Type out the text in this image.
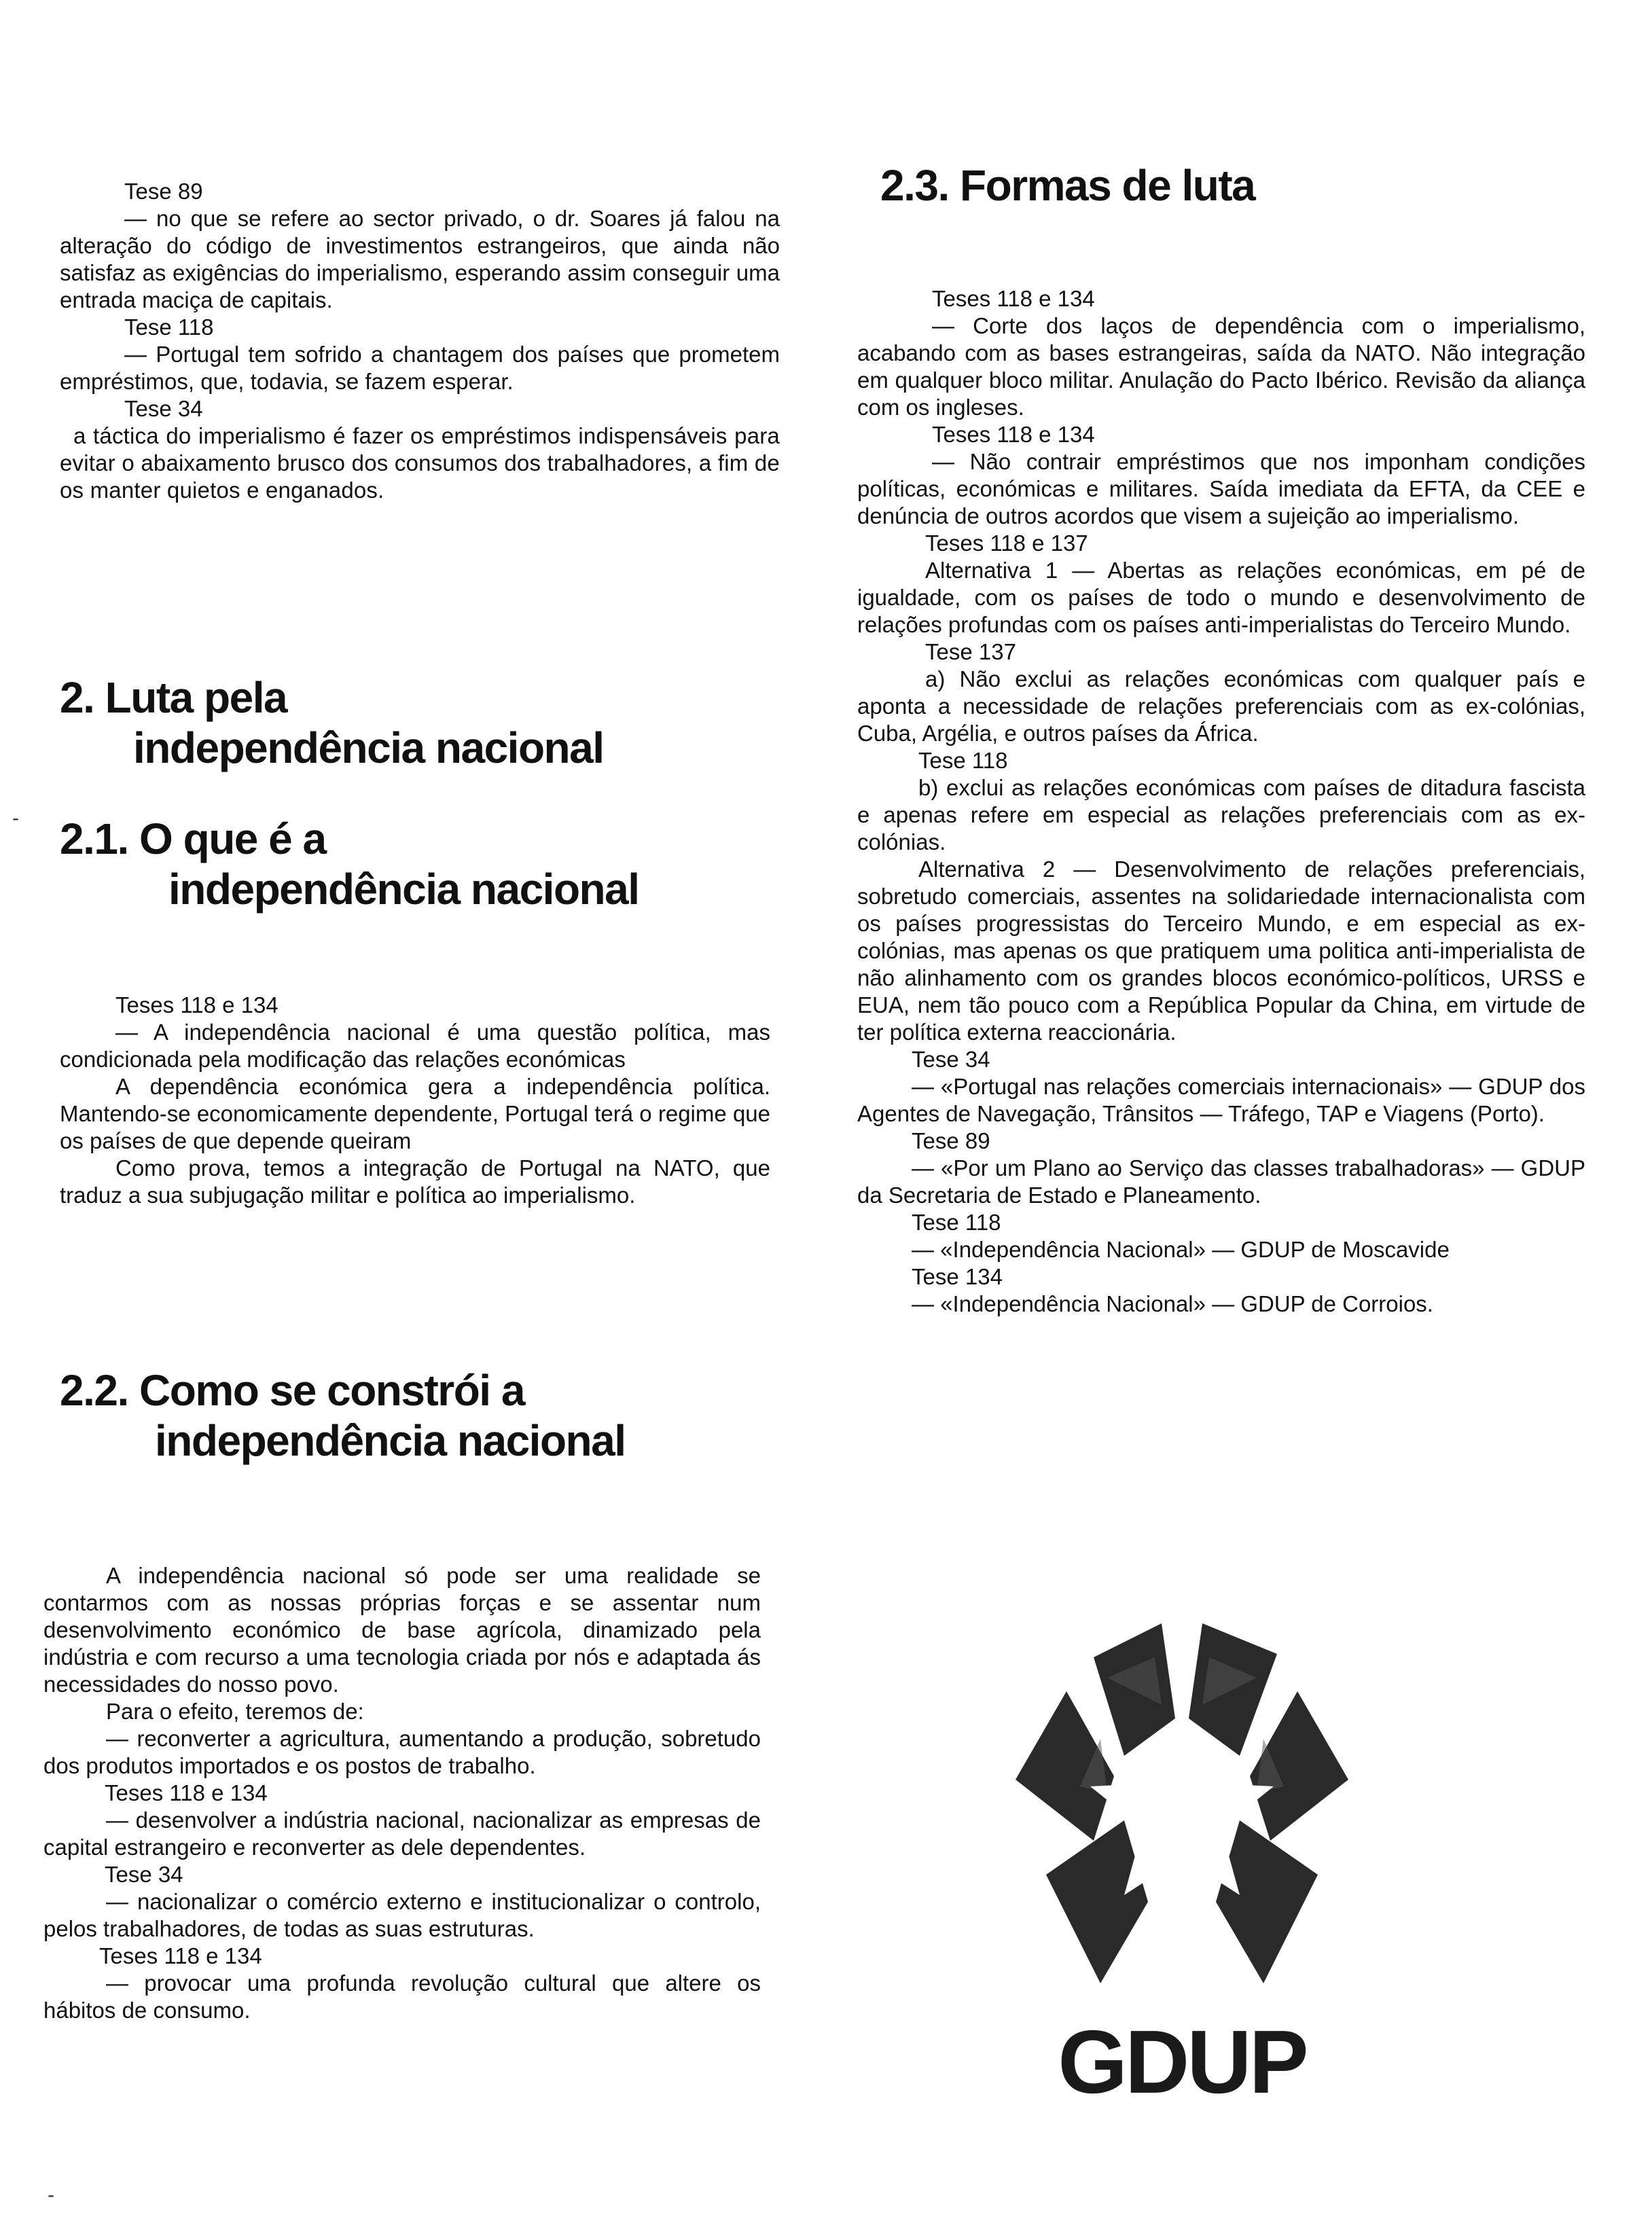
Tese 89

— no que se refere ao sector privado, o dr. Soares já falou na alteração do código de investimentos estrangeiros, que ainda não satisfaz as exigências do imperialismo, esperando assim conseguir uma entrada maciça de capitais.

Tese 118

— Portugal tem sofrido a chantagem dos países que prometem empréstimos, que, todavia, se fazem esperar.

Tese 34

a táctica do imperialismo é fazer os empréstimos indispensáveis para evitar o abaixamento brusco dos consumos dos trabalhadores, a fim de os manter quietos e enganados.

2. Luta pela
independência nacional
2.1. O que é a
independência nacional

Teses 118 e 134

— A independência nacional é uma questão política, mas condicionada pela modificação das relações económicas

A dependência económica gera a independência política. Mantendo-se economicamente dependente, Portugal terá o regime que os países de que depende queiram

Como prova, temos a integração de Portugal na NATO, que traduz a sua subjugação militar e política ao imperialismo.

2.2. Como se constrói a
independência nacional

A independência nacional só pode ser uma realidade se contarmos com as nossas próprias forças e se assentar num desenvolvimento económico de base agrícola, dinamizado pela indústria e com recurso a uma tecnologia criada por nós e adaptada ás necessidades do nosso povo.

Para o efeito, teremos de:

— reconverter a agricultura, aumentando a produção, sobretudo dos produtos importados e os postos de trabalho.

Teses 118 e 134

— desenvolver a indústria nacional, nacionalizar as empresas de capital estrangeiro e reconverter as dele dependentes.

Tese 34

— nacionalizar o comércio externo e institucionalizar o controlo, pelos trabalhadores, de todas as suas estruturas.

Teses 118 e 134

— provocar uma profunda revolução cultural que altere os hábitos de consumo.

2.3. Formas de luta

Teses 118 e 134

— Corte dos laços de dependência com o imperialismo, acabando com as bases estrangeiras, saída da NATO. Não integração em qualquer bloco militar. Anulação do Pacto Ibérico. Revisão da aliança com os ingleses.

Teses 118 e 134

— Não contrair empréstimos que nos imponham condições políticas, económicas e militares. Saída imediata da EFTA, da CEE e denúncia de outros acordos que visem a sujeição ao imperialismo.

Teses 118 e 137

Alternativa 1 — Abertas as relações económicas, em pé de igualdade, com os países de todo o mundo e desenvolvimento de relações profundas com os países anti-imperialistas do Terceiro Mundo.

Tese 137

a) Não exclui as relações económicas com qualquer país e aponta a necessidade de relações preferenciais com as ex-colónias, Cuba, Argélia, e outros países da África.

Tese 118

b) exclui as relações económicas com países de ditadura fascista e apenas refere em especial as relações preferenciais com as ex-colónias.

Alternativa 2 — Desenvolvimento de relações preferenciais, sobretudo comerciais, assentes na solidariedade internacionalista com os países progressistas do Terceiro Mundo, e em especial as ex-colónias, mas apenas os que pratiquem uma politica anti-imperialista de não alinhamento com os grandes blocos económico-políticos, URSS e EUA, nem tão pouco com a República Popular da China, em virtude de ter política externa reaccionária.

Tese 34

— «Portugal nas relações comerciais internacionais» — GDUP dos Agentes de Navegação, Trânsitos — Tráfego, TAP e Viagens (Porto).

Tese 89

— «Por um Plano ao Serviço das classes trabalhadoras» — GDUP da Secretaria de Estado e Planeamento.

Tese 118

— «Independência Nacional» — GDUP de Moscavide

Tese 134

— «Independência Nacional» — GDUP de Corroios.

GDUP
-
-
